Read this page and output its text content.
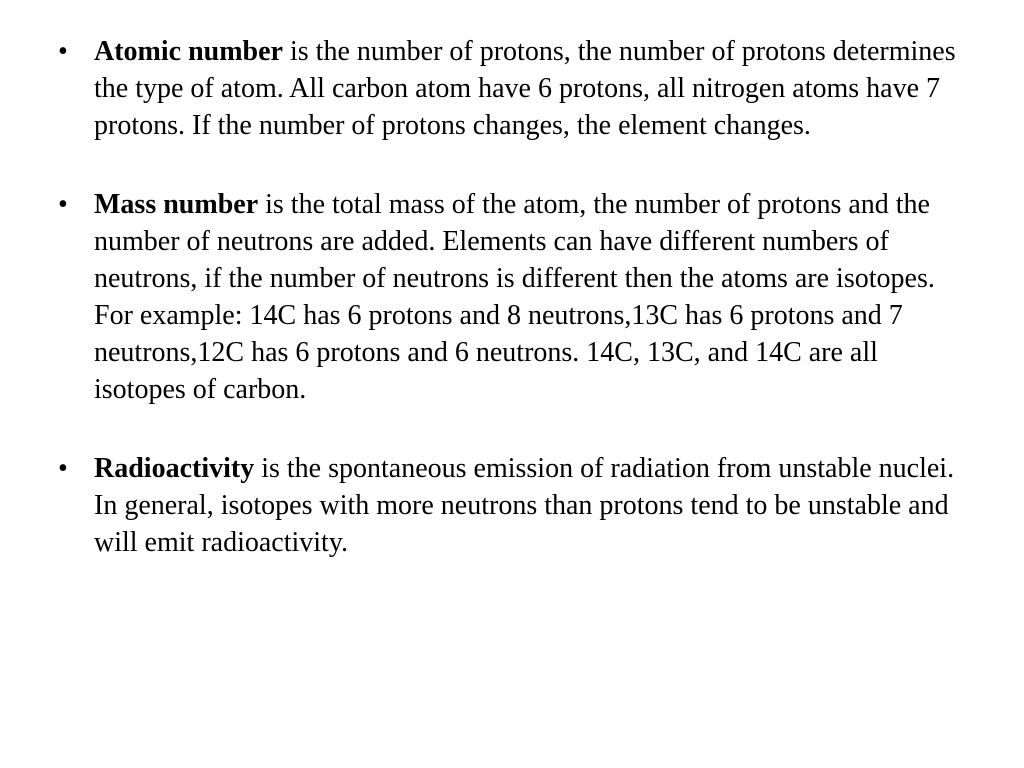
• Atomic number is the number of protons, the number of protons determines the type of atom. All carbon atom have 6 protons, all nitrogen atoms have 7 protons. If the number of protons changes, the element changes.
• Mass number is the total mass of the atom, the number of protons and the number of neutrons are added. Elements can have different numbers of neutrons, if the number of neutrons is different then the atoms are isotopes. For example: 14C has 6 protons and 8 neutrons,13C has 6 protons and 7 neutrons,12C has 6 protons and 6 neutrons. 14C, 13C, and 14C are all isotopes of carbon.
• Radioactivity is the spontaneous emission of radiation from unstable nuclei. In general, isotopes with more neutrons than protons tend to be unstable and will emit radioactivity.
